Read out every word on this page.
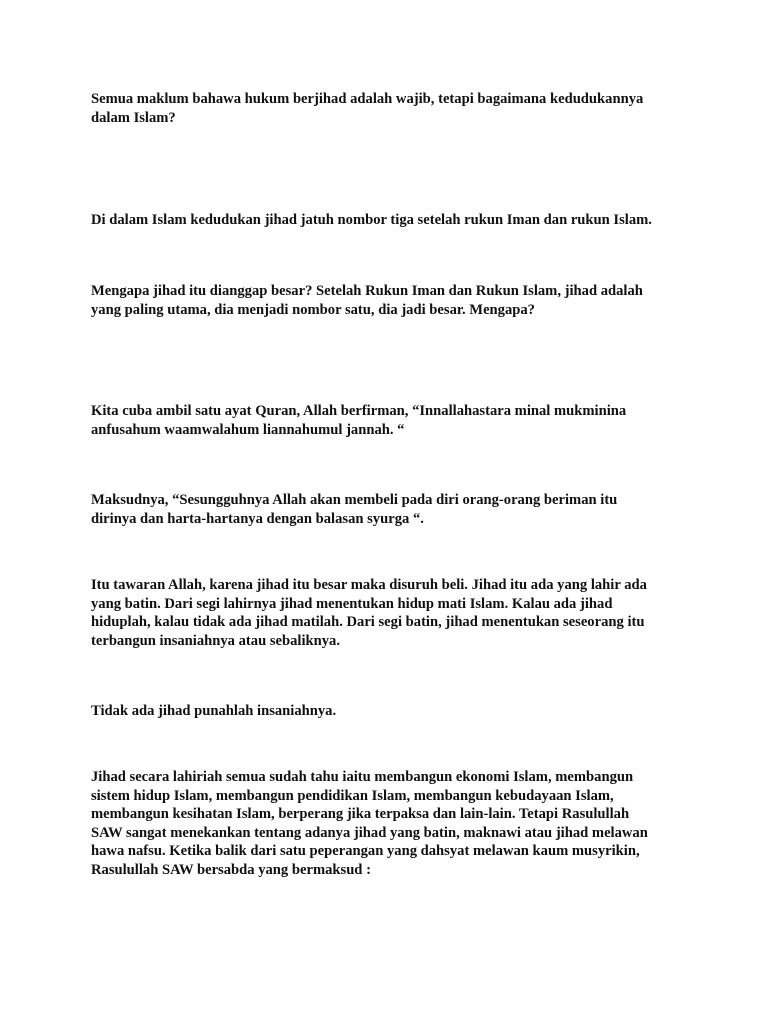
Semua maklum bahawa hukum berjihad adalah wajib, tetapi bagaimana kedudukannya
dalam Islam?

Di dalam Islam kedudukan jihad jatuh nombor tiga setelah rukun Iman dan rukun Islam.

Mengapa jihad itu dianggap besar? Setelah Rukun Iman dan Rukun Islam, jihad adalah
yang paling utama, dia menjadi nombor satu, dia jadi besar. Mengapa?

Kita cuba ambil satu ayat Quran, Allah berfirman, “Innallahastara minal mukminina
anfusahum waamwalahum liannahumul jannah. “

Maksudnya, “Sesungguhnya Allah akan membeli pada diri orang-orang beriman itu
dirinya dan harta-hartanya dengan balasan syurga “.

Itu tawaran Allah, karena jihad itu besar maka disuruh beli. Jihad itu ada yang lahir ada
yang batin. Dari segi lahirnya jihad menentukan hidup mati Islam. Kalau ada jihad
hiduplah, kalau tidak ada jihad matilah. Dari segi batin, jihad menentukan seseorang itu
terbangun insaniahnya atau sebaliknya.

Tidak ada jihad punahlah insaniahnya.

Jihad secara lahiriah semua sudah tahu iaitu membangun ekonomi Islam, membangun
sistem hidup Islam, membangun pendidikan Islam, membangun kebudayaan Islam,
membangun kesihatan Islam, berperang jika terpaksa dan lain-lain. Tetapi Rasulullah
SAW sangat menekankan tentang adanya jihad yang batin, maknawi atau jihad melawan
hawa nafsu. Ketika balik dari satu peperangan yang dahsyat melawan kaum musyrikin,
Rasulullah SAW bersabda yang bermaksud :
